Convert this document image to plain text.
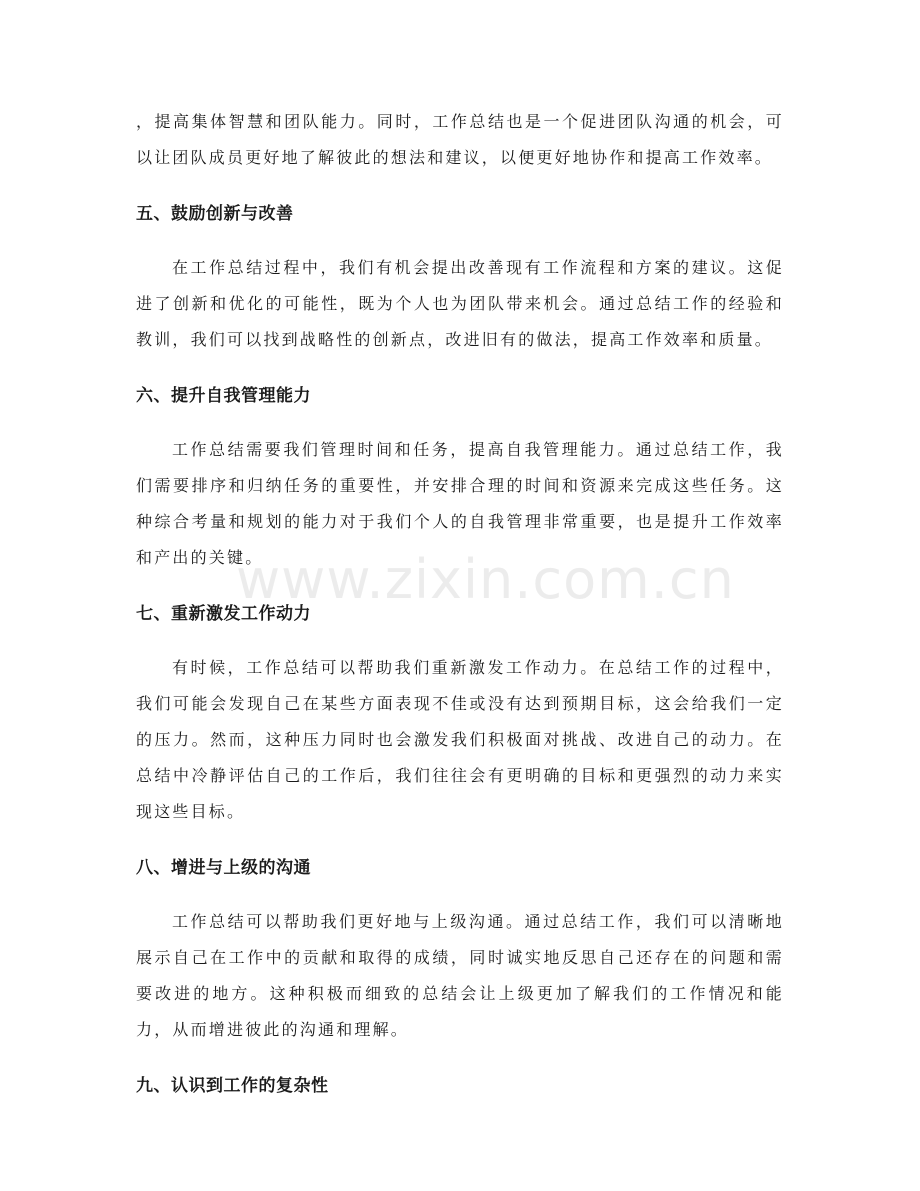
，提高集体智慧和团队能力。同时，工作总结也是一个促进团队沟通的机会，可以让团队成员更好地了解彼此的想法和建议，以便更好地协作和提高工作效率。

五、鼓励创新与改善

在工作总结过程中，我们有机会提出改善现有工作流程和方案的建议。这促进了创新和优化的可能性，既为个人也为团队带来机会。通过总结工作的经验和教训，我们可以找到战略性的创新点，改进旧有的做法，提高工作效率和质量。

六、提升自我管理能力

工作总结需要我们管理时间和任务，提高自我管理能力。通过总结工作，我们需要排序和归纳任务的重要性，并安排合理的时间和资源来完成这些任务。这种综合考量和规划的能力对于我们个人的自我管理非常重要，也是提升工作效率和产出的关键。

七、重新激发工作动力

有时候，工作总结可以帮助我们重新激发工作动力。在总结工作的过程中，我们可能会发现自己在某些方面表现不佳或没有达到预期目标，这会给我们一定的压力。然而，这种压力同时也会激发我们积极面对挑战、改进自己的动力。在总结中冷静评估自己的工作后，我们往往会有更明确的目标和更强烈的动力来实现这些目标。

八、增进与上级的沟通

工作总结可以帮助我们更好地与上级沟通。通过总结工作，我们可以清晰地展示自己在工作中的贡献和取得的成绩，同时诚实地反思自己还存在的问题和需要改进的地方。这种积极而细致的总结会让上级更加了解我们的工作情况和能力，从而增进彼此的沟通和理解。

九、认识到工作的复杂性
www.zixin.com.cn
